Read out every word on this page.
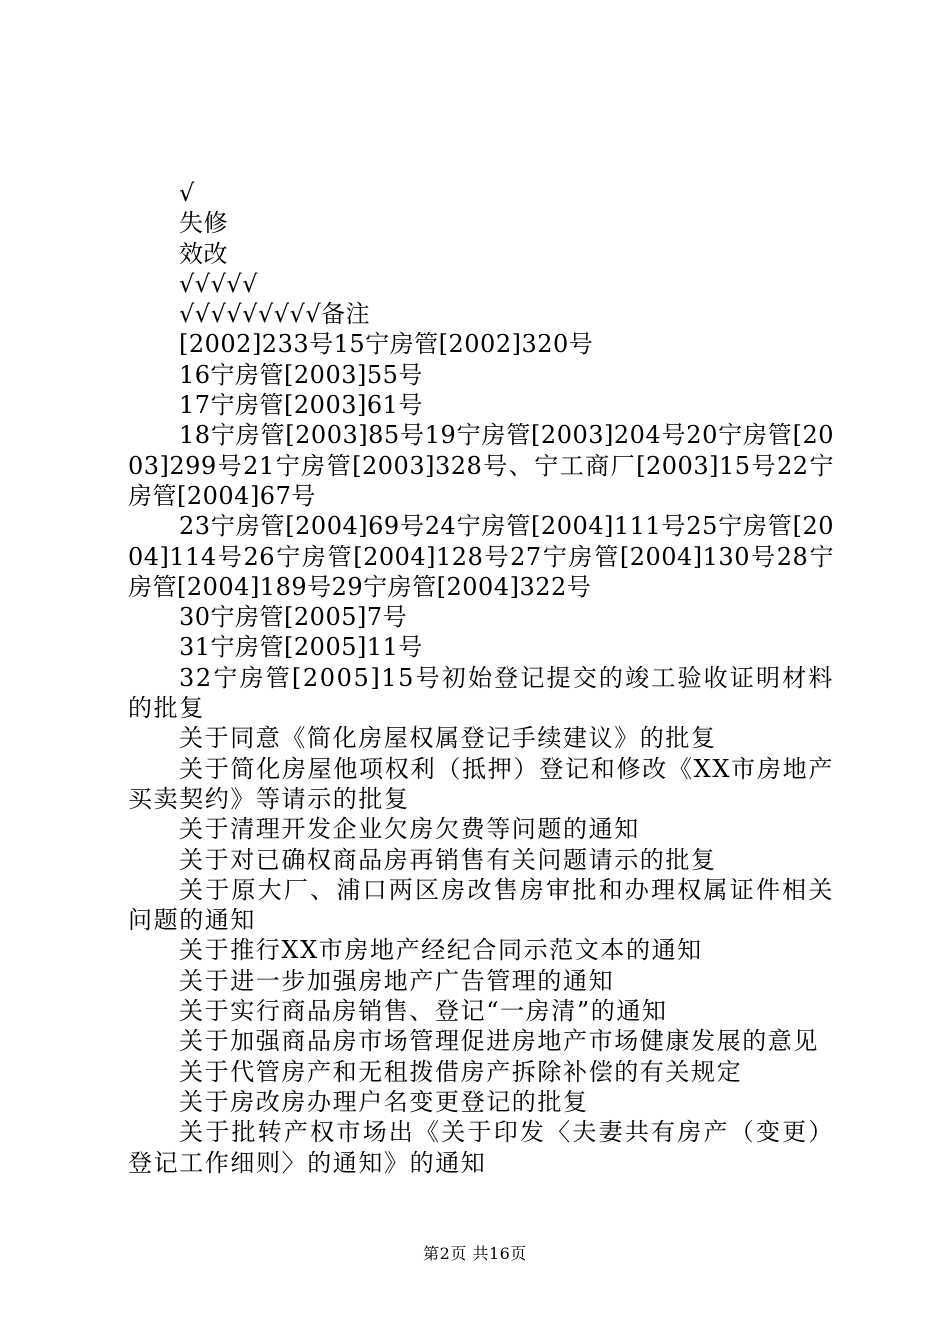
√

失修

效改

√√√√√

√√√√√√√√√备注

[2002]233号15宁房管[2002]320号

16宁房管[2003]55号

17宁房管[2003]61号

18宁房管[2003]85号19宁房管[2003]204号20宁房管[2003]299号21宁房管[2003]328号、宁工商厂[2003]15号22宁房管[2004]67号

23宁房管[2004]69号24宁房管[2004]111号25宁房管[2004]114号26宁房管[2004]128号27宁房管[2004]130号28宁房管[2004]189号29宁房管[2004]322号

30宁房管[2005]7号

31宁房管[2005]11号

32宁房管[2005]15号初始登记提交的竣工验收证明材料的批复

关于同意《简化房屋权属登记手续建议》的批复

关于简化房屋他项权利（抵押）登记和修改《XX市房地产买卖契约》等请示的批复

关于清理开发企业欠房欠费等问题的通知

关于对已确权商品房再销售有关问题请示的批复

关于原大厂、浦口两区房改售房审批和办理权属证件相关问题的通知

关于推行XX市房地产经纪合同示范文本的通知

关于进一步加强房地产广告管理的通知

关于实行商品房销售、登记“一房清”的通知

关于加强商品房市场管理促进房地产市场健康发展的意见

关于代管房产和无租拨借房产拆除补偿的有关规定

关于房改房办理户名变更登记的批复

关于批转产权市场出《关于印发〈夫妻共有房产（变更）登记工作细则〉的通知》的通知

第2页 共16页
